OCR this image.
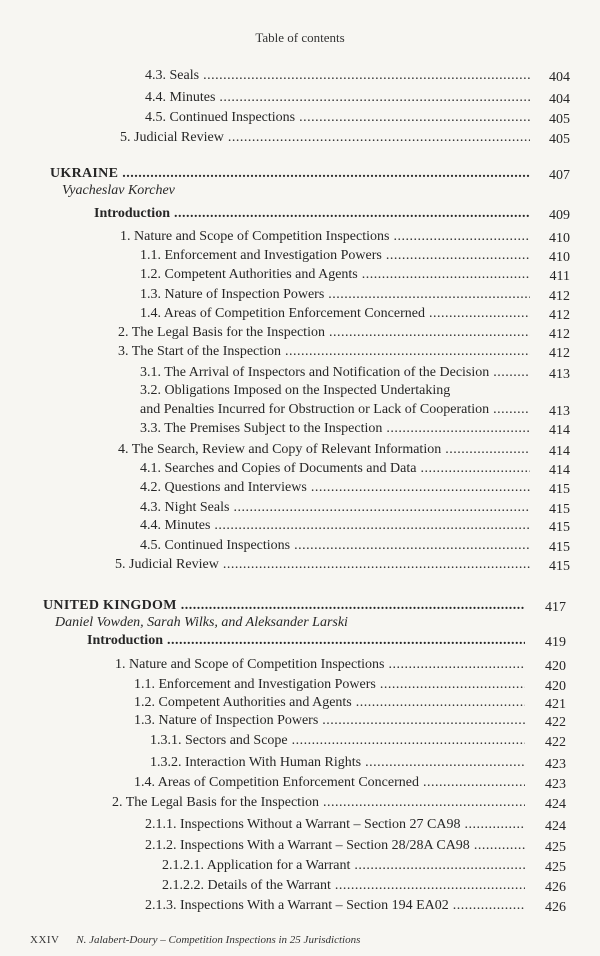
Table of contents
4.3. Seals .....	404
4.4. Minutes .....	404
4.5. Continued Inspections .....	405
5. Judicial Review .....	405
UKRAINE .....	407
Vyacheslav Korchev
Introduction .....	409
1. Nature and Scope of Competition Inspections .....	410
1.1. Enforcement and Investigation Powers .....	410
1.2. Competent Authorities and Agents .....	411
1.3. Nature of Inspection Powers .....	412
1.4. Areas of Competition Enforcement Concerned .....	412
2. The Legal Basis for the Inspection .....	412
3. The Start of the Inspection .....	412
3.1. The Arrival of Inspectors and Notification of the Decision .....	413
3.2. Obligations Imposed on the Inspected Undertaking
and Penalties Incurred for Obstruction or Lack of Cooperation .....	413
3.3. The Premises Subject to the Inspection .....	414
4. The Search, Review and Copy of Relevant Information .....	414
4.1. Searches and Copies of Documents and Data .....	414
4.2. Questions and Interviews .....	415
4.3. Night Seals .....	415
4.4. Minutes .....	415
4.5. Continued Inspections .....	415
5. Judicial Review .....	415
UNITED KINGDOM .....	417
Daniel Vowden, Sarah Wilks, and Aleksander Larski
Introduction .....	419
1. Nature and Scope of Competition Inspections .....	420
1.1. Enforcement and Investigation Powers .....	420
1.2. Competent Authorities and Agents .....	421
1.3. Nature of Inspection Powers .....	422
1.3.1. Sectors and Scope .....	422
1.3.2. Interaction With Human Rights .....	423
1.4. Areas of Competition Enforcement Concerned .....	423
2. The Legal Basis for the Inspection .....	424
2.1.1. Inspections Without a Warrant – Section 27 CA98 .....	424
2.1.2. Inspections With a Warrant – Section 28/28A CA98 .....	425
2.1.2.1. Application for a Warrant .....	425
2.1.2.2. Details of the Warrant .....	426
2.1.3. Inspections With a Warrant – Section 194 EA02 .....	426
XXIV N. Jalabert-Doury – Competition Inspections in 25 Jurisdictions
